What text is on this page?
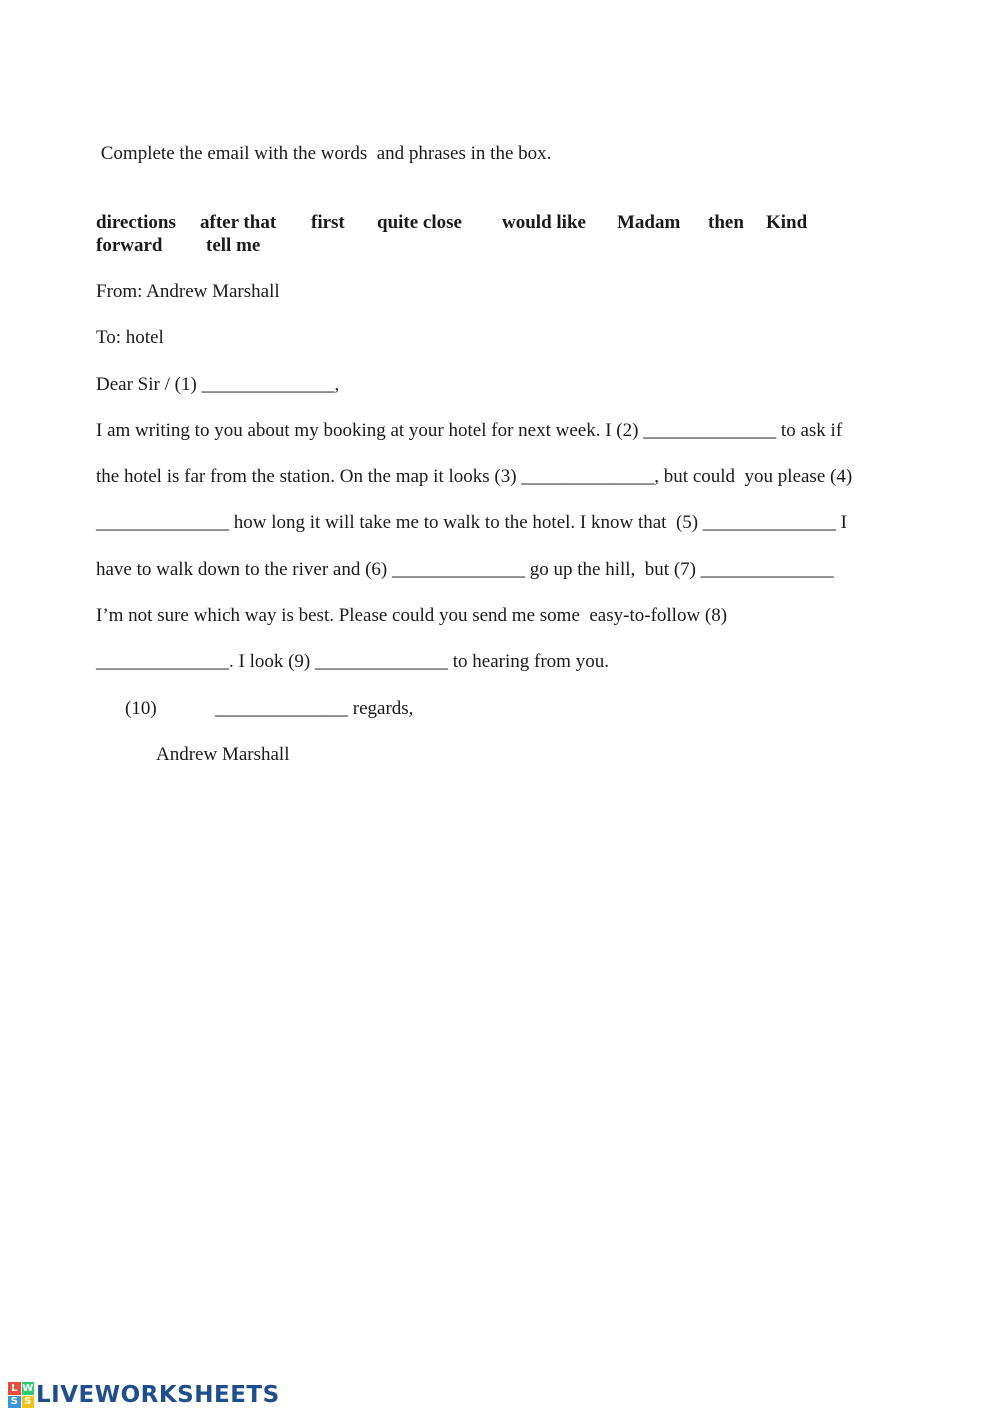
Complete the email with the words  and phrases in the box.
directions after that first quite close would like Madam then Kind
forward tell me
From: Andrew Marshall
To: hotel
Dear Sir / (1) ______________,
I am writing to you about my booking at your hotel for next week. I (2) ______________ to ask if
the hotel is far from the station. On the map it looks (3) ______________, but could  you please (4)
______________ how long it will take me to walk to the hotel. I know that  (5) ______________ I
have to walk down to the river and (6) ______________ go up the hill,  but (7) ______________
I’m not sure which way is best. Please could you send me some  easy-to-follow (8)
______________. I look (9) ______________ to hearing from you.
(10)	______________ regards,
Andrew Marshall
L W
S S LIVEWORKSHEETS
